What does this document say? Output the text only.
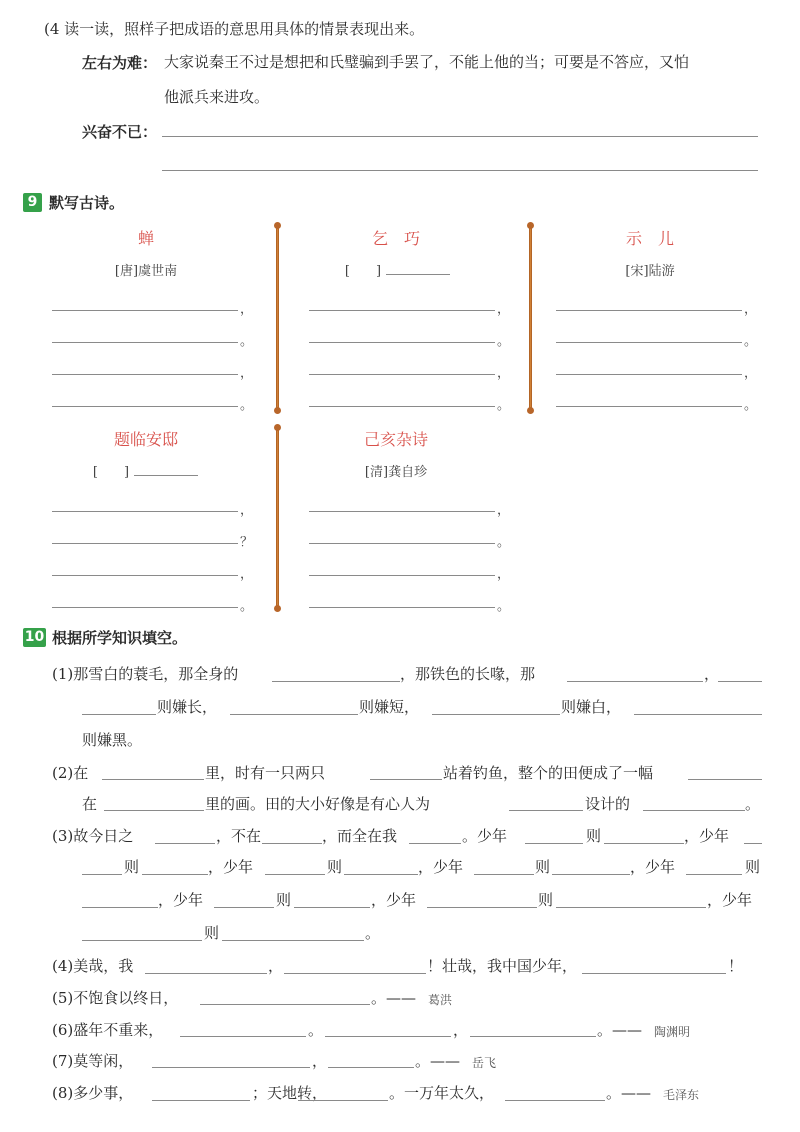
(4 读一读，照样子把成语的意思用具体的情景表现出来。
左右为难： 大家说秦王不过是想把和氏璧骗到手罢了，不能上他的当；可要是不答应，又怕
他派兵来进攻。
兴奋不已：
9 默写古诗。
蝉
[唐]虞世南
，
。
，
。
乞　巧
[　　]
，
。
，
。
示　儿
[宋]陆游
，
。
，
。
题临安邸
[　　]
，
？
，
。
己亥杂诗
[清]龚自珍
，
。
，
。
10 根据所学知识填空。
(1)那雪白的蓑毛，那全身的	，那铁色的长喙，那	，
则嫌长，	则嫌短，	则嫌白，
则嫌黑。
(2)在	里，时有一只两只	站着钓鱼，整个的田便成了一幅
在	里的画。田的大小好像是有心人为	设计的	。
(3)故今日之	，不在	，而全在我	。少年	则	，少年
则	，少年	则	，少年	则	，少年	则
，少年	则	，少年	则	，少年
则	。
(4)美哉，我	，	！壮哉，我中国少年，	！
(5)不饱食以终日，	。—— 葛洪
(6)盛年不重来，	。	，	。—— 陶渊明
(7)莫等闲，	，	。—— 岳飞
(8)多少事，	；天地转，	。一万年太久，	。—— 毛泽东
